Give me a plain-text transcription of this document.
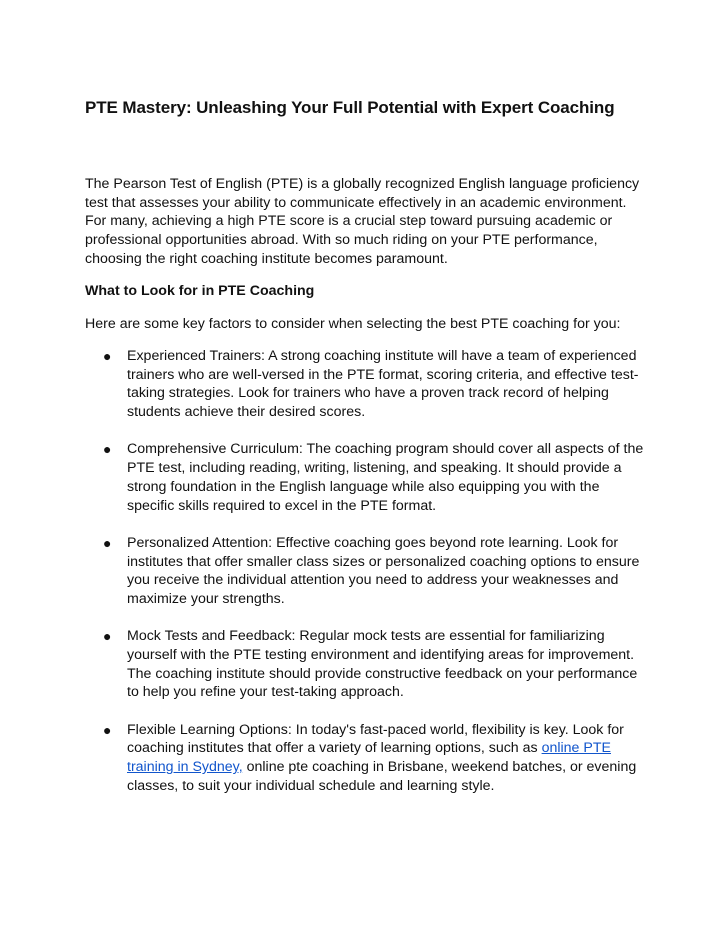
PTE Mastery: Unleashing Your Full Potential with Expert Coaching

The Pearson Test of English (PTE) is a globally recognized English language proficiency test that assesses your ability to communicate effectively in an academic environment. For many, achieving a high PTE score is a crucial step toward pursuing academic or professional opportunities abroad. With so much riding on your PTE performance, choosing the right coaching institute becomes paramount.

What to Look for in PTE Coaching

Here are some key factors to consider when selecting the best PTE coaching for you:

● Experienced Trainers: A strong coaching institute will have a team of experienced trainers who are well-versed in the PTE format, scoring criteria, and effective test-taking strategies. Look for trainers who have a proven track record of helping students achieve their desired scores.
● Comprehensive Curriculum: The coaching program should cover all aspects of the PTE test, including reading, writing, listening, and speaking. It should provide a strong foundation in the English language while also equipping you with the specific skills required to excel in the PTE format.
● Personalized Attention: Effective coaching goes beyond rote learning. Look for institutes that offer smaller class sizes or personalized coaching options to ensure you receive the individual attention you need to address your weaknesses and maximize your strengths.
● Mock Tests and Feedback: Regular mock tests are essential for familiarizing yourself with the PTE testing environment and identifying areas for improvement. The coaching institute should provide constructive feedback on your performance to help you refine your test-taking approach.
● Flexible Learning Options: In today's fast-paced world, flexibility is key. Look for coaching institutes that offer a variety of learning options, such as online PTE training in Sydney, online pte coaching in Brisbane, weekend batches, or evening classes, to suit your individual schedule and learning style.
